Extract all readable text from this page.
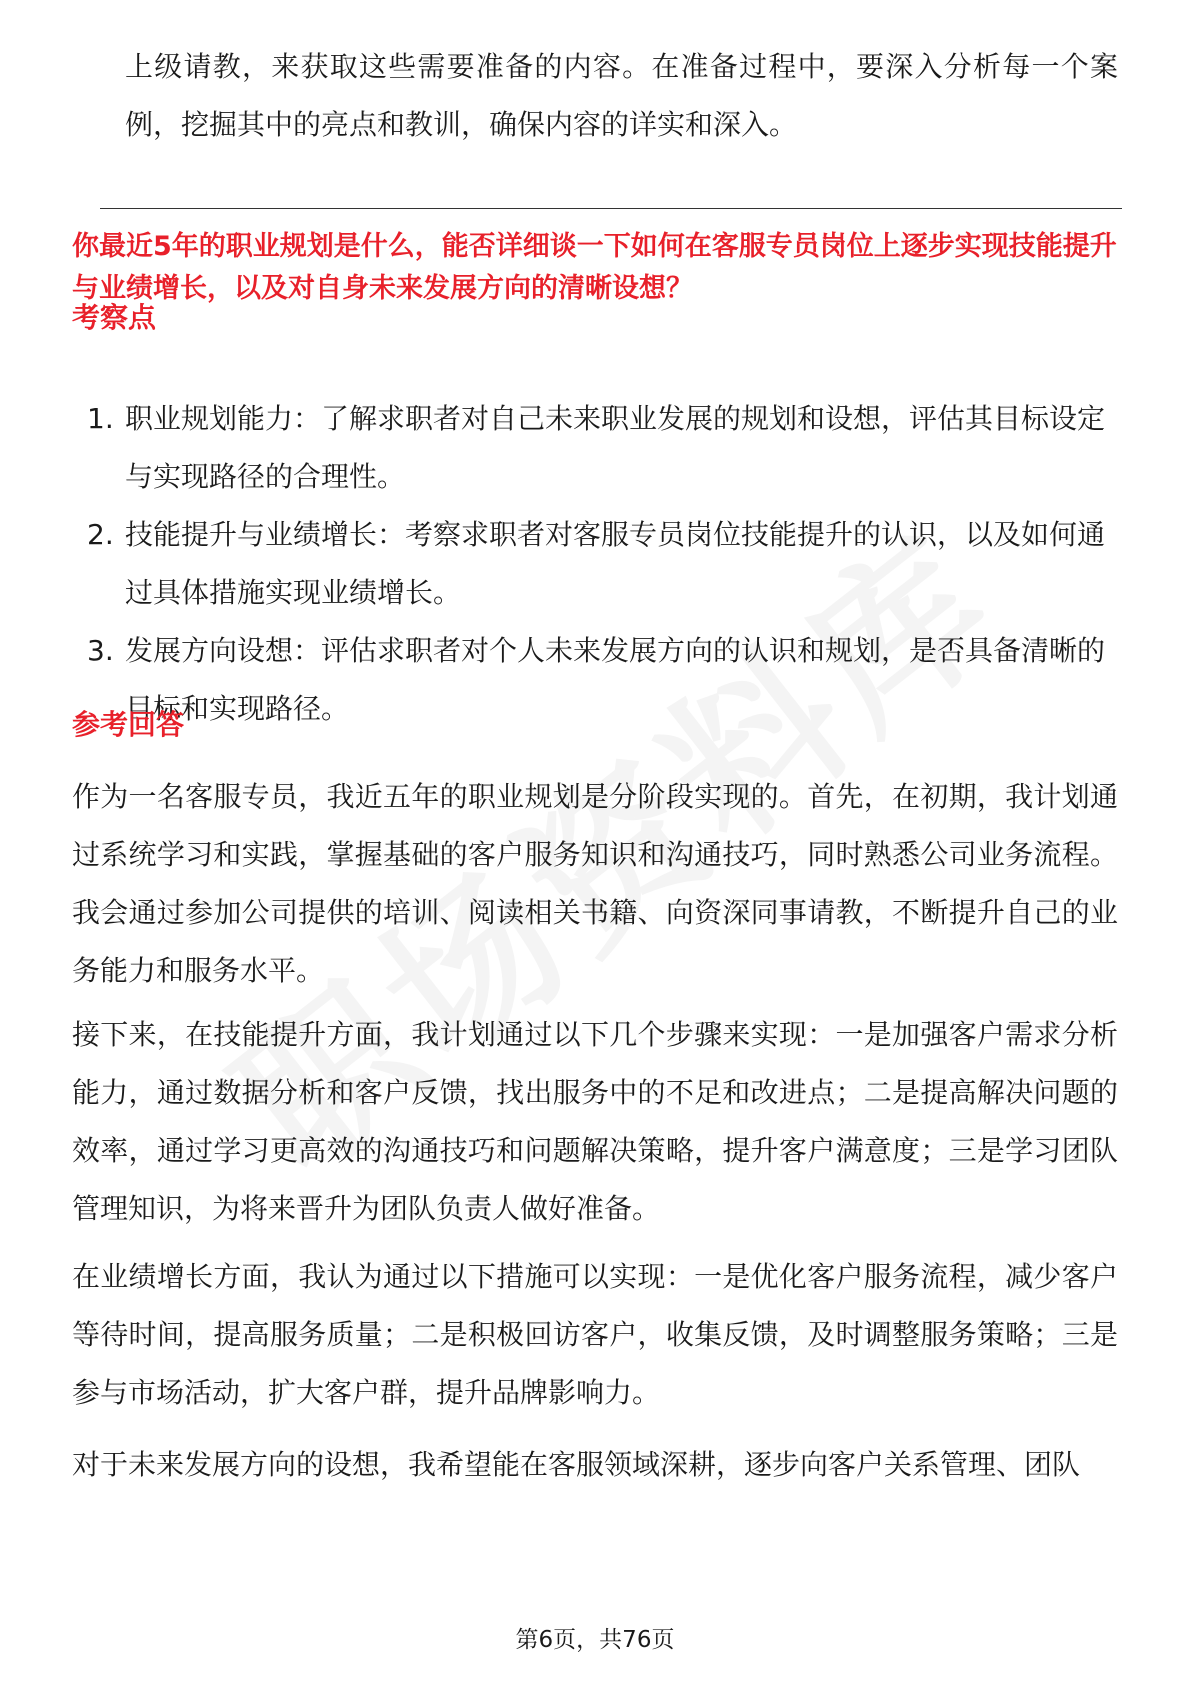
上级请教，来获取这些需要准备的内容。在准备过程中，要深入分析每一个案例，挖掘其中的亮点和教训，确保内容的详实和深入。

你最近5年的职业规划是什么，能否详细谈一下如何在客服专员岗位上逐步实现技能提升与业绩增长，以及对自身未来发展方向的清晰设想？

考察点
1. 职业规划能力：了解求职者对自己未来职业发展的规划和设想，评估其目标设定与实现路径的合理性。
2. 技能提升与业绩增长：考察求职者对客服专员岗位技能提升的认识，以及如何通过具体措施实现业绩增长。
3. 发展方向设想：评估求职者对个人未来发展方向的认识和规划，是否具备清晰的目标和实现路径。
参考回答

作为一名客服专员，我近五年的职业规划是分阶段实现的。首先，在初期，我计划通过系统学习和实践，掌握基础的客户服务知识和沟通技巧，同时熟悉公司业务流程。我会通过参加公司提供的培训、阅读相关书籍、向资深同事请教，不断提升自己的业务能力和服务水平。

接下来，在技能提升方面，我计划通过以下几个步骤来实现：一是加强客户需求分析能力，通过数据分析和客户反馈，找出服务中的不足和改进点；二是提高解决问题的效率，通过学习更高效的沟通技巧和问题解决策略，提升客户满意度；三是学习团队管理知识，为将来晋升为团队负责人做好准备。

在业绩增长方面，我认为通过以下措施可以实现：一是优化客户服务流程，减少客户等待时间，提高服务质量；二是积极回访客户，收集反馈，及时调整服务策略；三是参与市场活动，扩大客户群，提升品牌影响力。

对于未来发展方向的设想，我希望能在客服领域深耕，逐步向客户关系管理、团队

第6页，共76页
